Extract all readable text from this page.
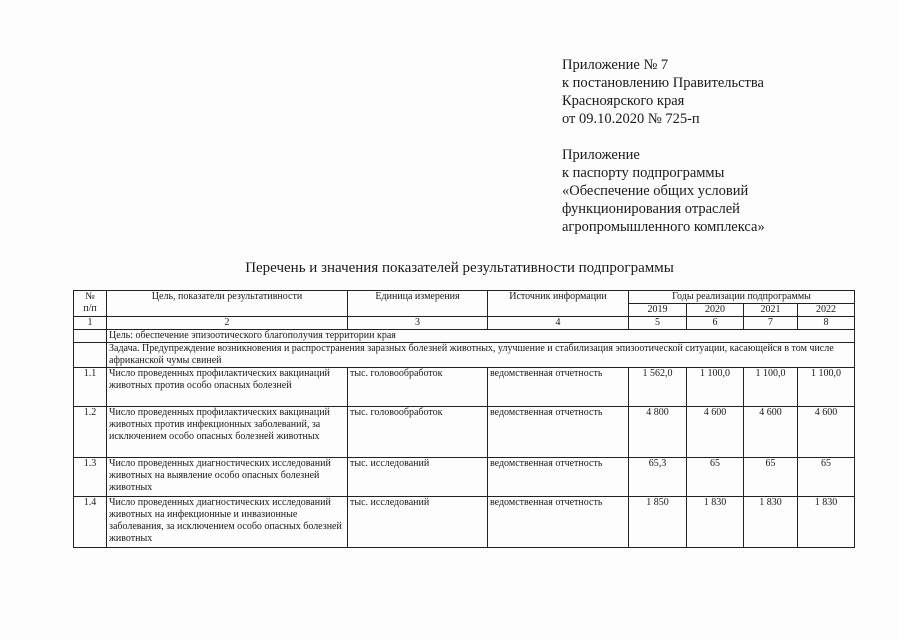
Приложение № 7
к постановлению Правительства
Красноярского края
от 09.10.2020 № 725-п
Приложение
к паспорту подпрограммы
«Обеспечение общих условий
функционирования отраслей
агропромышленного комплекса»
Перечень и значения показателей результативности подпрограммы
№
п/п	Цель, показатели результативности	Единица измерения	Источник информации	Годы реализации подпрограммы			
				2019	2020	2021	2022
1	2	3	4	5	6	7	8
	Цель: обеспечение эпизоотического благополучия территории края						
	Задача. Предупреждение возникновения и распространения заразных болезней животных, улучшение и стабилизация эпизоотической ситуации, касающейся в том числе африканской чумы свиней						
1.1	Число проведенных профилактических вакцинаций животных против особо опасных болезней	тыс. головообработок	ведомственная отчетность	1 562,0	1 100,0	1 100,0	1 100,0
1.2	Число проведенных профилактических вакцинаций животных против инфекционных заболеваний, за исключением особо опасных болезней животных	тыс. головообработок	ведомственная отчетность	4 800	4 600	4 600	4 600
1.3	Число проведенных диагностических исследований животных на выявление особо опасных болезней животных	тыс. исследований	ведомственная отчетность	65,3	65	65	65
1.4	Число проведенных диагностических исследований животных на инфекционные и инвазионные заболевания, за исключением особо опасных болезней животных	тыс. исследований	ведомственная отчетность	1 850	1 830	1 830	1 830
